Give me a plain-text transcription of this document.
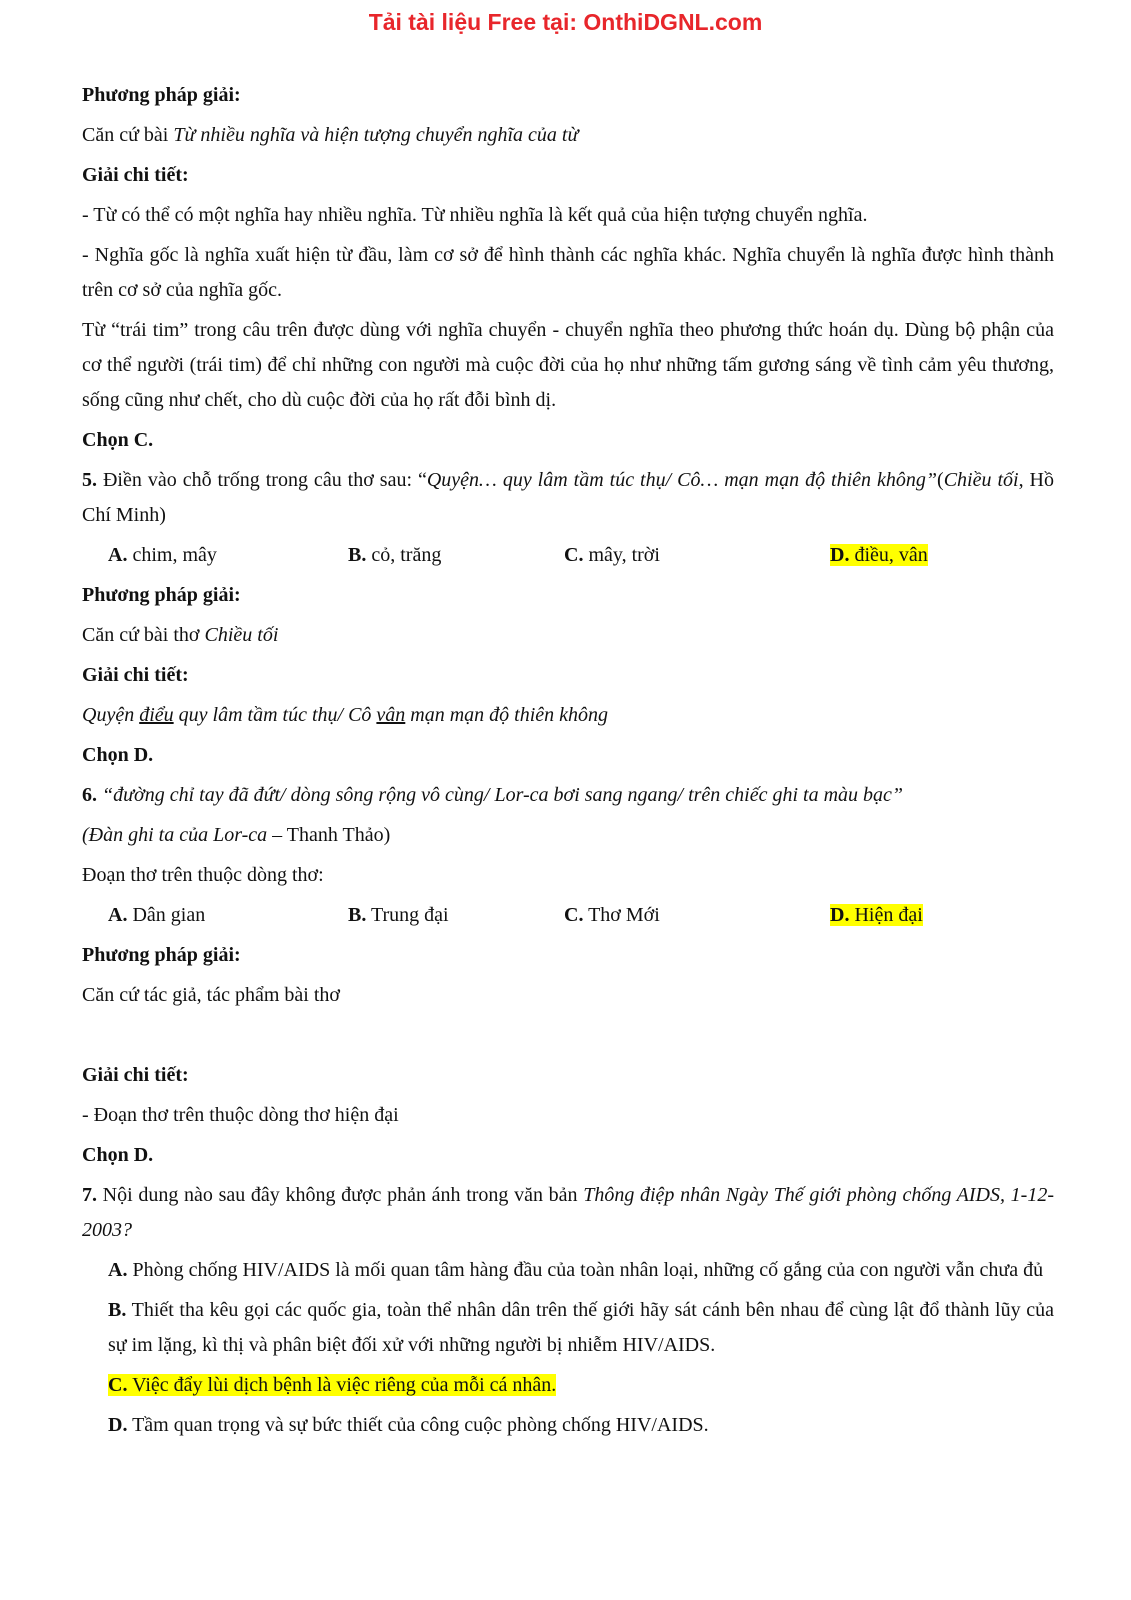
Tải tài liệu Free tại: OnthiDGNL.com

Phương pháp giải:

Căn cứ bài Từ nhiều nghĩa và hiện tượng chuyển nghĩa của từ

Giải chi tiết:

- Từ có thể có một nghĩa hay nhiều nghĩa. Từ nhiều nghĩa là kết quả của hiện tượng chuyển nghĩa.

- Nghĩa gốc là nghĩa xuất hiện từ đầu, làm cơ sở để hình thành các nghĩa khác. Nghĩa chuyển là nghĩa được hình thành trên cơ sở của nghĩa gốc.

Từ “trái tim” trong câu trên được dùng với nghĩa chuyển - chuyển nghĩa theo phương thức hoán dụ. Dùng bộ phận của cơ thể người (trái tim) để chỉ những con người mà cuộc đời của họ như những tấm gương sáng về tình cảm yêu thương, sống cũng như chết, cho dù cuộc đời của họ rất đỗi bình dị.

Chọn C.

5. Điền vào chỗ trống trong câu thơ sau: “Quyện… quy lâm tầm túc thụ/ Cô… mạn mạn độ thiên không”(Chiều tối, Hồ Chí Minh)

A. chim, mây	B. cỏ, trăng	C. mây, trời	D. điều, vân

Phương pháp giải:

Căn cứ bài thơ Chiều tối

Giải chi tiết:

Quyện điểu quy lâm tầm túc thụ/ Cô vân mạn mạn độ thiên không

Chọn D.

6. “đường chỉ tay đã đứt/ dòng sông rộng vô cùng/ Lor-ca bơi sang ngang/ trên chiếc ghi ta màu bạc”

(Đàn ghi ta của Lor-ca – Thanh Thảo)

Đoạn thơ trên thuộc dòng thơ:

A. Dân gian	B. Trung đại	C. Thơ Mới	D. Hiện đại

Phương pháp giải:

Căn cứ tác giả, tác phẩm bài thơ

Giải chi tiết:

- Đoạn thơ trên thuộc dòng thơ hiện đại

Chọn D.

7. Nội dung nào sau đây không được phản ánh trong văn bản Thông điệp nhân Ngày Thế giới phòng chống AIDS, 1-12-2003?

A. Phòng chống HIV/AIDS là mối quan tâm hàng đầu của toàn nhân loại, những cố gắng của con người vẫn chưa đủ

B. Thiết tha kêu gọi các quốc gia, toàn thể nhân dân trên thế giới hãy sát cánh bên nhau để cùng lật đổ thành lũy của sự im lặng, kì thị và phân biệt đối xử với những người bị nhiễm HIV/AIDS.

C. Việc đẩy lùi dịch bệnh là việc riêng của mỗi cá nhân.

D. Tầm quan trọng và sự bức thiết của công cuộc phòng chống HIV/AIDS.
